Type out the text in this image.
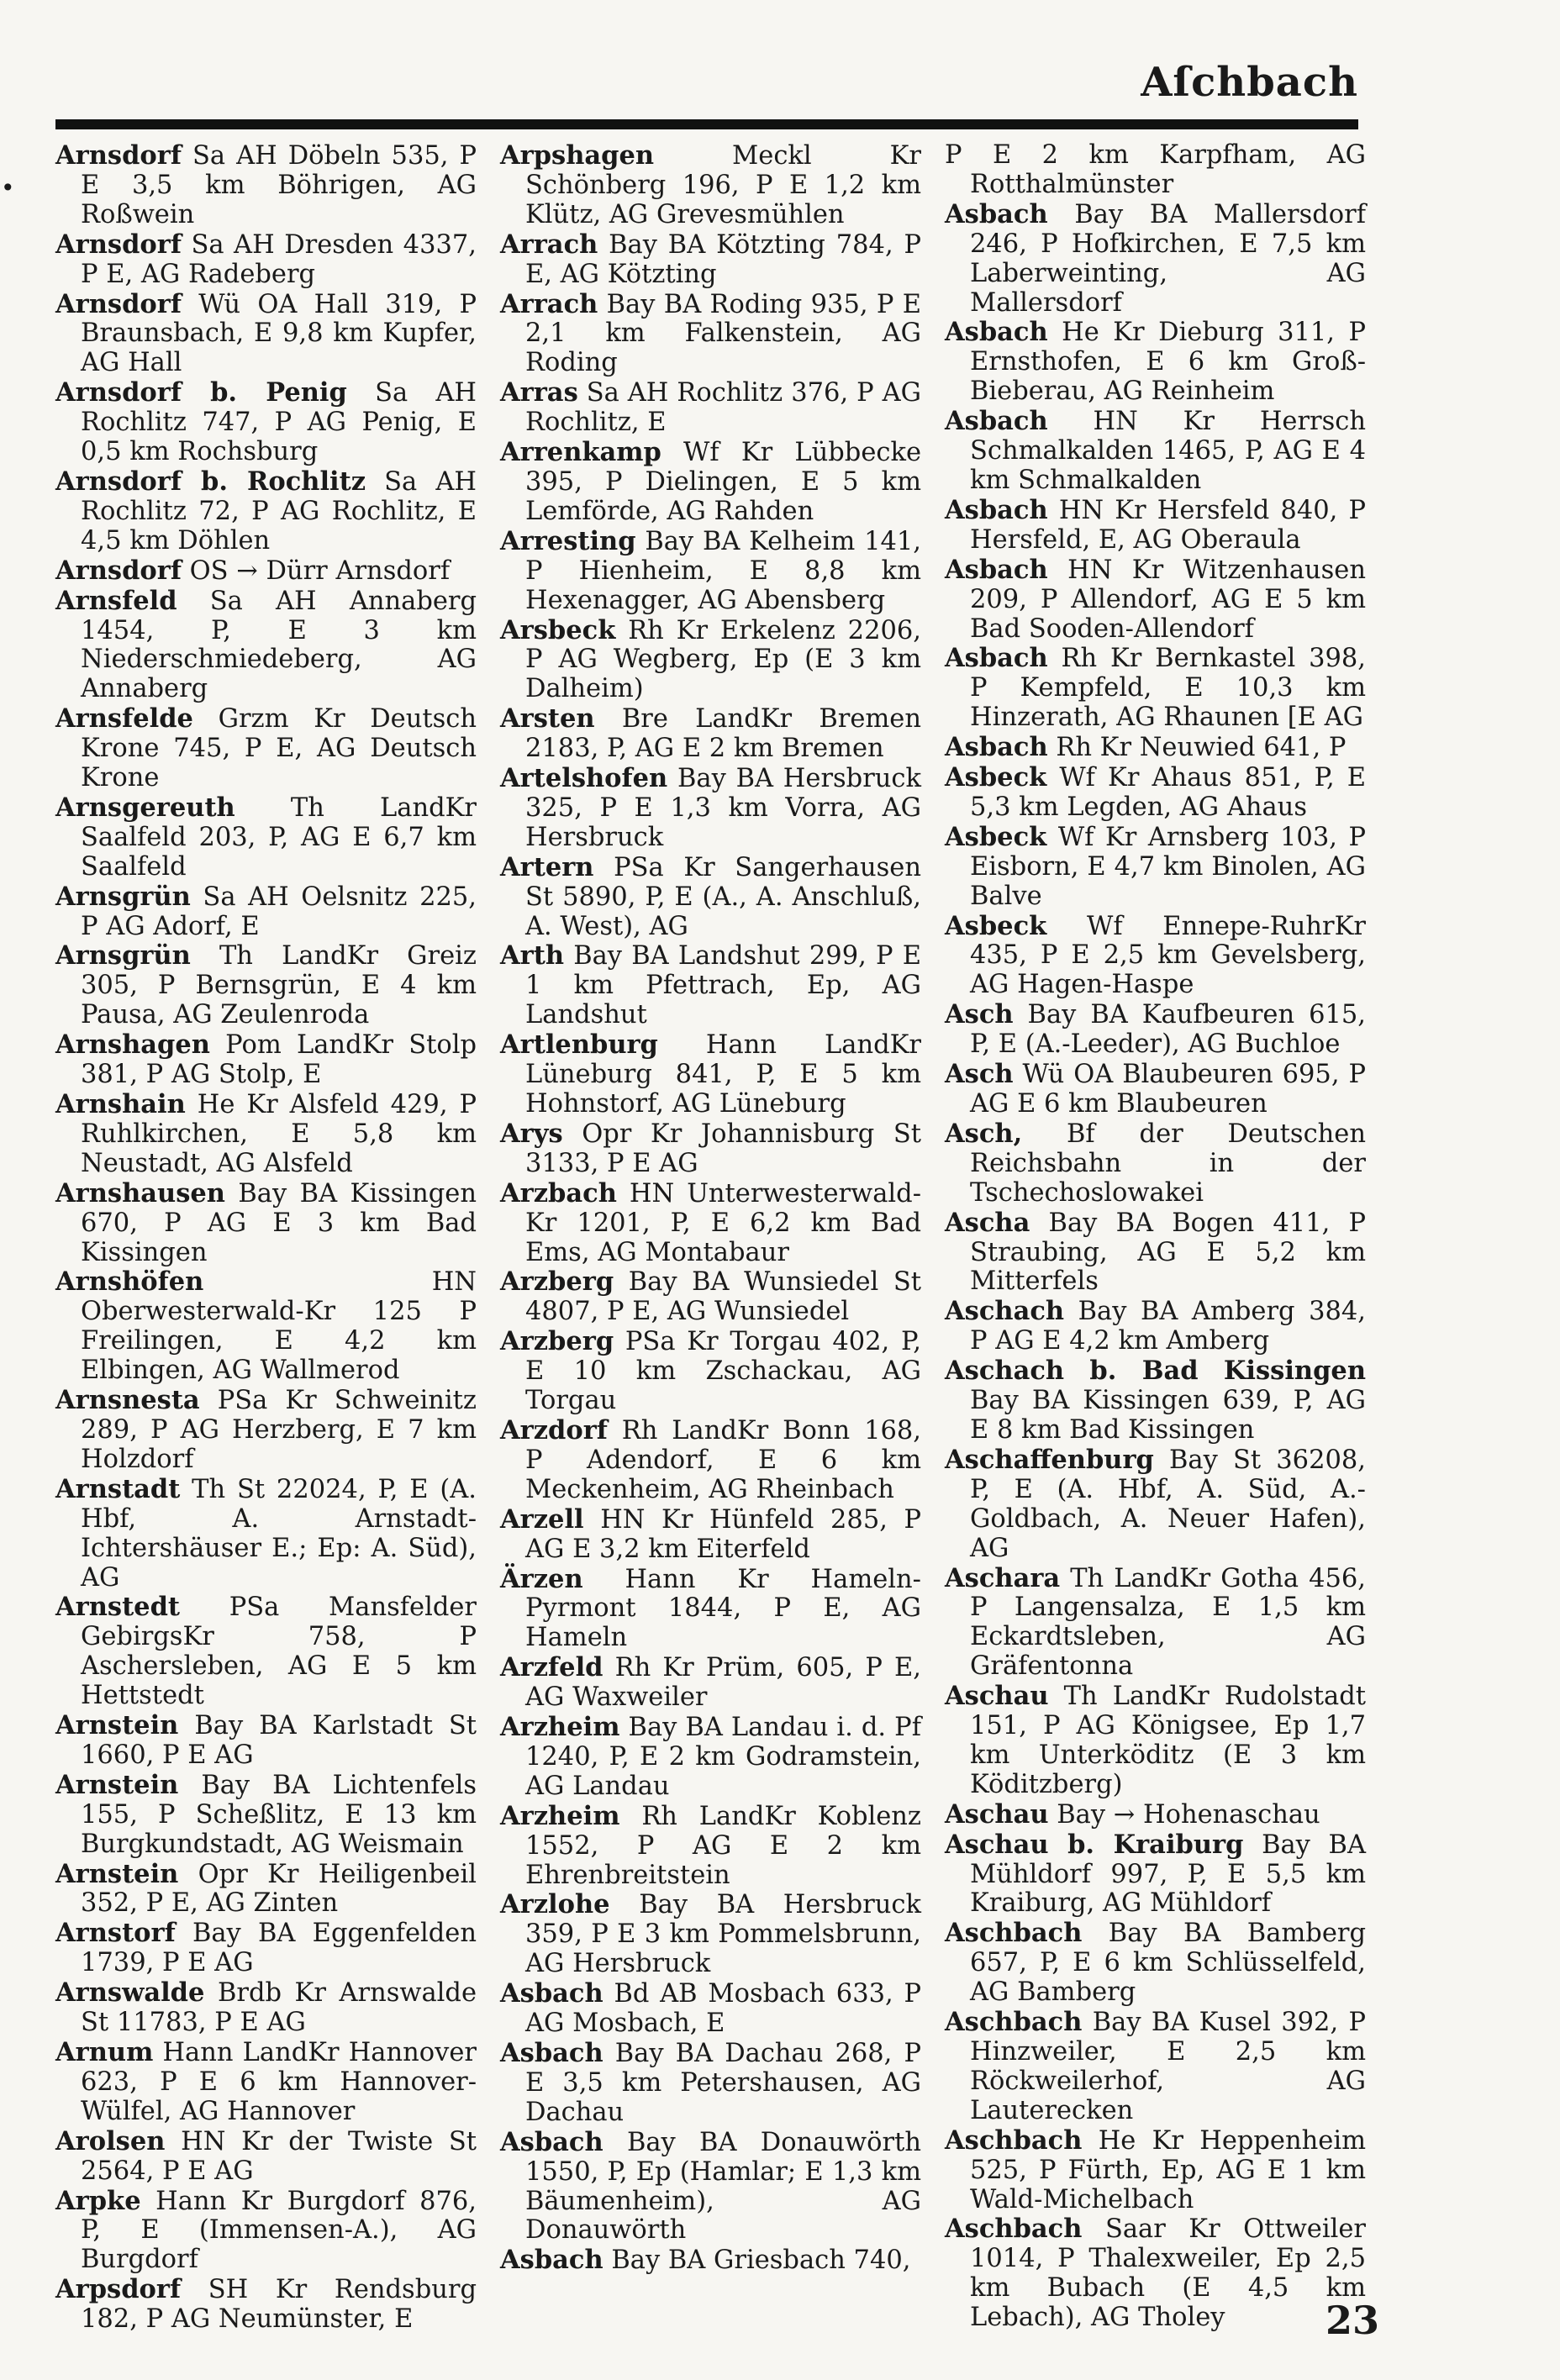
•
Aſchbach

Arnsdorf Sa AH Döbeln 535, P E 3,5 km Böhrigen, AG Roßwein

Arnsdorf Sa AH Dresden 4337, P E, AG Radeberg

Arnsdorf Wü OA Hall 319, P Braunsbach, E 9,8 km Kupfer, AG Hall

Arnsdorf b. Penig Sa AH Rochlitz 747, P AG Penig, E 0,5 km Rochsburg

Arnsdorf b. Rochlitz Sa AH Rochlitz 72, P AG Rochlitz, E 4,5 km Döhlen

Arnsdorf OS → Dürr Arnsdorf

Arnsfeld Sa AH Annaberg 1454, P, E 3 km Niederschmiedeberg, AG Annaberg

Arnsfelde Grzm Kr Deutsch Krone 745, P E, AG Deutsch Krone

Arnsgereuth Th LandKr Saalfeld 203, P, AG E 6,7 km Saalfeld

Arnsgrün Sa AH Oelsnitz 225, P AG Adorf, E

Arnsgrün Th LandKr Greiz 305, P Bernsgrün, E 4 km Pausa, AG Zeulenroda

Arnshagen Pom LandKr Stolp 381, P AG Stolp, E

Arnshain He Kr Alsfeld 429, P Ruhlkirchen, E 5,8 km Neustadt, AG Alsfeld

Arnshausen Bay BA Kissingen 670, P AG E 3 km Bad Kissingen

Arnshöfen HN Oberwesterwald-Kr 125 P Freilingen, E 4,2 km Elbingen, AG Wallmerod

Arnsnesta PSa Kr Schweinitz 289, P AG Herzberg, E 7 km Holzdorf

Arnstadt Th St 22024, P, E (A. Hbf, A. Arnstadt-Ichtershäuser E.; Ep: A. Süd), AG

Arnstedt PSa Mansfelder GebirgsKr 758, P Aschersleben, AG E 5 km Hettstedt

Arnstein Bay BA Karlstadt St 1660, P E AG

Arnstein Bay BA Lichtenfels 155, P Scheßlitz, E 13 km Burgkundstadt, AG Weismain

Arnstein Opr Kr Heiligenbeil 352, P E, AG Zinten

Arnstorf Bay BA Eggenfelden 1739, P E AG

Arnswalde Brdb Kr Arnswalde St 11783, P E AG

Arnum Hann LandKr Hannover 623, P E 6 km Hannover-Wülfel, AG Hannover

Arolsen HN Kr der Twiste St 2564, P E AG

Arpke Hann Kr Burgdorf 876, P, E (Immensen-A.), AG Burgdorf

Arpsdorf SH Kr Rendsburg 182, P AG Neumünster, E

Arpshagen Meckl Kr Schönberg 196, P E 1,2 km Klütz, AG Grevesmühlen

Arrach Bay BA Kötzting 784, P E, AG Kötzting

Arrach Bay BA Roding 935, P E 2,1 km Falkenstein, AG Roding

Arras Sa AH Rochlitz 376, P AG Rochlitz, E

Arrenkamp Wf Kr Lübbecke 395, P Dielingen, E 5 km Lemförde, AG Rahden

Arresting Bay BA Kelheim 141, P Hienheim, E 8,8 km Hexenagger, AG Abensberg

Arsbeck Rh Kr Erkelenz 2206, P AG Wegberg, Ep (E 3 km Dalheim)

Arsten Bre LandKr Bremen 2183, P, AG E 2 km Bremen

Artelshofen Bay BA Hersbruck 325, P E 1,3 km Vorra, AG Hersbruck

Artern PSa Kr Sangerhausen St 5890, P, E (A., A. Anschluß, A. West), AG

Arth Bay BA Landshut 299, P E 1 km Pfettrach, Ep, AG Landshut

Artlenburg Hann LandKr Lüneburg 841, P, E 5 km Hohnstorf, AG Lüneburg

Arys Opr Kr Johannisburg St 3133, P E AG

Arzbach HN Unterwesterwald-Kr 1201, P, E 6,2 km Bad Ems, AG Montabaur

Arzberg Bay BA Wunsiedel St 4807, P E, AG Wunsiedel

Arzberg PSa Kr Torgau 402, P, E 10 km Zschackau, AG Torgau

Arzdorf Rh LandKr Bonn 168, P Adendorf, E 6 km Meckenheim, AG Rheinbach

Arzell HN Kr Hünfeld 285, P AG E 3,2 km Eiterfeld

Ärzen Hann Kr Hameln-Pyrmont 1844, P E, AG Hameln

Arzfeld Rh Kr Prüm, 605, P E, AG Waxweiler

Arzheim Bay BA Landau i. d. Pf 1240, P, E 2 km Godramstein, AG Landau

Arzheim Rh LandKr Koblenz 1552, P AG E 2 km Ehrenbreitstein

Arzlohe Bay BA Hersbruck 359, P E 3 km Pommelsbrunn, AG Hersbruck

Asbach Bd AB Mosbach 633, P AG Mosbach, E

Asbach Bay BA Dachau 268, P E 3,5 km Petershausen, AG Dachau

Asbach Bay BA Donauwörth 1550, P, Ep (Hamlar; E 1,3 km Bäumenheim), AG Donauwörth

Asbach Bay BA Griesbach 740,

P E 2 km Karpfham, AG Rotthalmünster

Asbach Bay BA Mallersdorf 246, P Hofkirchen, E 7,5 km Laberweinting, AG Mallersdorf

Asbach He Kr Dieburg 311, P Ernsthofen, E 6 km Groß-Bieberau, AG Reinheim

Asbach HN Kr Herrsch Schmalkalden 1465, P, AG E 4 km Schmalkalden

Asbach HN Kr Hersfeld 840, P Hersfeld, E, AG Oberaula

Asbach HN Kr Witzenhausen 209, P Allendorf, AG E 5 km Bad Sooden-Allendorf

Asbach Rh Kr Bernkastel 398, P Kempfeld, E 10,3 km Hinzerath, AG Rhaunen [E AG

Asbach Rh Kr Neuwied 641, P

Asbeck Wf Kr Ahaus 851, P, E 5,3 km Legden, AG Ahaus

Asbeck Wf Kr Arnsberg 103, P Eisborn, E 4,7 km Binolen, AG Balve

Asbeck Wf Ennepe-RuhrKr 435, P E 2,5 km Gevelsberg, AG Hagen-Haspe

Asch Bay BA Kaufbeuren 615, P, E (A.-Leeder), AG Buchloe

Asch Wü OA Blaubeuren 695, P AG E 6 km Blaubeuren

Asch, Bf der Deutschen Reichsbahn in der Tschechoslowakei

Ascha Bay BA Bogen 411, P Straubing, AG E 5,2 km Mitterfels

Aschach Bay BA Amberg 384, P AG E 4,2 km Amberg

Aschach b. Bad Kissingen Bay BA Kissingen 639, P, AG E 8 km Bad Kissingen

Aschaffenburg Bay St 36208, P, E (A. Hbf, A. Süd, A.-Goldbach, A. Neuer Hafen), AG

Aschara Th LandKr Gotha 456, P Langensalza, E 1,5 km Eckardtsleben, AG Gräfentonna

Aschau Th LandKr Rudolstadt 151, P AG Königsee, Ep 1,7 km Unterköditz (E 3 km Köditzberg)

Aschau Bay → Hohenaschau

Aschau b. Kraiburg Bay BA Mühldorf 997, P, E 5,5 km Kraiburg, AG Mühldorf

Aschbach Bay BA Bamberg 657, P, E 6 km Schlüsselfeld, AG Bamberg

Aschbach Bay BA Kusel 392, P Hinzweiler, E 2,5 km Röckweilerhof, AG Lauterecken

Aschbach He Kr Heppenheim 525, P Fürth, Ep, AG E 1 km Wald-Michelbach

Aschbach Saar Kr Ottweiler 1014, P Thalexweiler, Ep 2,5 km Bubach (E 4,5 km Lebach), AG Tholey	23
